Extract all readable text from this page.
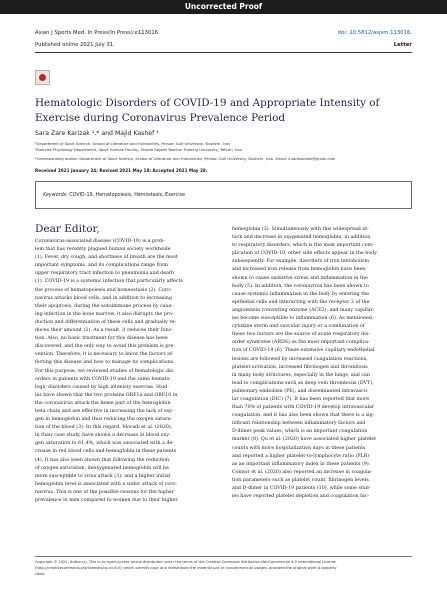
Uncorrected Proof
Asian J Sports Med. In Press(In Press):e113016.	doi: 10.5812/asjsm.113016.
Published online 2021 July 31.	Letter
Hematologic Disorders of COVID-19 and Appropriate Intensity of
Exercise during Coronavirus Prevalence Period
Sara Zare Karizak ¹,* and Majid Kashef ²
¹Department of Sport Science, School of Literature and Humanities, Persian Gulf University, Bushehr, Iran
²Exercise Physiology Department, Sport Science Faculty, Shahid Rajaee Teacher Training University, Tehran, Iran
*Corresponding author: Department of Sport Science, School of Literature and Humanities, Persian Gulf University, Bushehr, Iran. Email: s.zarekarizak@gmail.com
Received 2021 January 24; Revised 2021 May 18; Accepted 2021 May 28.
Keywords: COVID-19, Hematopoiesis, Hemostasis, Exercise
Dear Editor,
Coronavirus-associated disease (COVID-19) is a prob-
lem that has recently plagued human society worldwide
(1). Fever, dry cough, and shortness of breath are the most
important symptoms, and its complications range from
upper respiratory tract infection to pneumonia and death
(1). COVID-19 is a systemic infection that particularly affects
the process of hematopoiesis and homeostasis (2). Coro-
navirus attacks blood cells, and in addition to increasing
their apoptosis, during the autoimmune process by caus-
ing infection in the bone marrow, it also disrupts the pro-
duction and differentiation of these cells and gradually re-
duces their amount (2). As a result, it reduces their func-
tion. Also, no basic treatment for this disease has been
discovered, and the only way to avoid this problem is pre-
vention. Therefore, it is necessary to know the factors af-
fecting this disease and how to manage its complications.
For this purpose, we reviewed studies of hematologic dis-
orders in patients with COVID-19 and the same hemato-
logic disorders caused by high intensity exercise. Stud-
ies have shown that the two proteins ORF1a and ORF10 in
the coronavirus attack the heme part of the hemoglobin
beta chain and are effective in increasing the lack of oxy-
gen in hemoglobin and thus reducing the oxygen satura-
tion of the blood (3). In this regard, Moradi et al. (2020),
in their case study, have shown a decrease in blood oxy-
gen saturation to 61.4%, which was associated with a de-
crease in red blood cells and hemoglobin in these patients
(4). It has also been shown that following the reduction
of oxygen saturation, deoxygenated hemoglobin will be
more susceptible to virus attack (3); and a higher initial
hemoglobin level is associated with a wider attack of coro-
navirus. This is one of the possible reasons for the higher
prevalence in men compared to women due to their higher
hemoglobin (3). Simultaneously with this widespread at-
tack and decrease in oxygenated hemoglobin, in addition
to respiratory disorders, which is the most important com-
plication of COVID-19, other side effects appear in the body
subsequently. For example, disorders of iron metabolism
and increased iron release from hemoglobin have been
shown to cause oxidative stress and inflammation in the
body (5). In addition, the coronavirus has been shown to
cause systemic inflammation in the body by entering the
epithelial cells and interacting with the receptor 2 of the
angiotensin converting enzyme (ACE2), and many capillar-
ies become susceptible to inflammation (6). As mentioned,
cytokine storm and vascular injury or a combination of
these two factors are the source of acute respiratory dis-
order syndrome (ARDS) as the most important complica-
tion of COVID-19 (6). These extensive capillary endothelial
lesions are followed by increased coagulation reactions,
platelet activation, increased fibrinogen and thrombosis
in many body structures, especially in the lungs, and can
lead to complications such as deep vein thrombosis (DVT),
pulmonary embolism (PE), and disseminated intravascu-
lar coagulation (DIC) (7). It has been reported that more
than 70% of patients with COVID-19 develop intravascular
coagulation, and it has also been shown that there is a sig-
nificant relationship between inflammatory factors and
D-dimer peak values, which is an important coagulation
marker (8). Qu et al. (2020) have associated higher platelet
counts with more hospitalization days in these patients
and reported a higher platelet-to-lymphocyte ratio (PLR)
as an important inflammatory index in these patients (9).
Connor et al. (2020) also reported an increase in coagula-
tion parameters such as platelet count, fibrinogen levels,
and D-dimer in COVID-19 patients (10), while some stud-
ies have reported platelet depletion and coagulation fac-
Copyright © 2021, Author(s). This is an open-access article distributed under the terms of the Creative Commons Attribution-NonCommercial 4.0 International License
(http://creativecommons.org/licenses/by-nc/4.0/) which permits copy and redistribute the material just in noncommercial usages, provided the original work is properly
cited.
